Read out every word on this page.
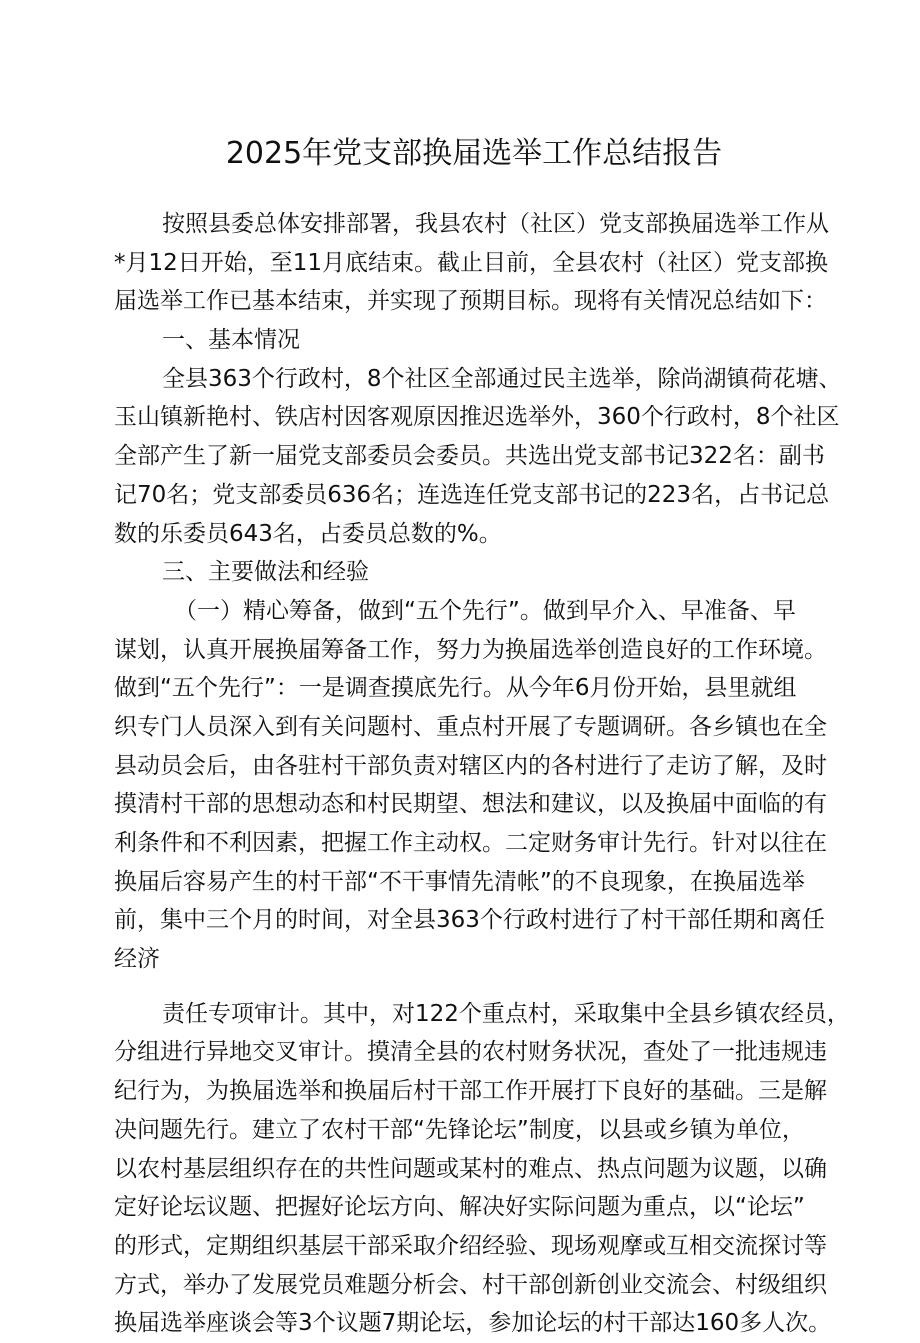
2025年党支部换届选举工作总结报告
按照县委总体安排部署，我县农村（社区）党支部换届选举工作从
*月12日开始，至11月底结束。截止目前，全县农村（社区）党支部换
届选举工作已基本结束，并实现了预期目标。现将有关情况总结如下：
一、基本情况
全县363个行政村，8个社区全部通过民主选举，除尚湖镇荷花塘、
玉山镇新艳村、铁店村因客观原因推迟选举外，360个行政村，8个社区
全部产生了新一届党支部委员会委员。共选出党支部书记322名：副书
记70名；党支部委员636名；连选连任党支部书记的223名，占书记总
数的乐委员643名，占委员总数的%。
三、主要做法和经验
（一）精心筹备，做到“五个先行”。做到早介入、早准备、早
谋划，认真开展换届筹备工作，努力为换届选举创造良好的工作环境。
做到“五个先行”：一是调查摸底先行。从今年6月份开始，县里就组
织专门人员深入到有关问题村、重点村开展了专题调研。各乡镇也在全
县动员会后，由各驻村干部负责对辖区内的各村进行了走访了解，及时
摸清村干部的思想动态和村民期望、想法和建议，以及换届中面临的有
利条件和不利因素，把握工作主动权。二定财务审计先行。针对以往在
换届后容易产生的村干部“不干事情先清帐”的不良现象，在换届选举
前，集中三个月的时间，对全县363个行政村进行了村干部任期和离任
经济
责任专项审计。其中，对122个重点村，采取集中全县乡镇农经员，
分组进行异地交叉审计。摸清全县的农村财务状况，查处了一批违规违
纪行为，为换届选举和换届后村干部工作开展打下良好的基础。三是解
决问题先行。建立了农村干部“先锋论坛”制度，以县或乡镇为单位，
以农村基层组织存在的共性问题或某村的难点、热点问题为议题，以确
定好论坛议题、把握好论坛方向、解决好实际问题为重点，以“论坛”
的形式，定期组织基层干部采取介绍经验、现场观摩或互相交流探讨等
方式，举办了发展党员难题分析会、村干部创新创业交流会、村级组织
换届选举座谈会等3个议题7期论坛，参加论坛的村干部达160多人次。
